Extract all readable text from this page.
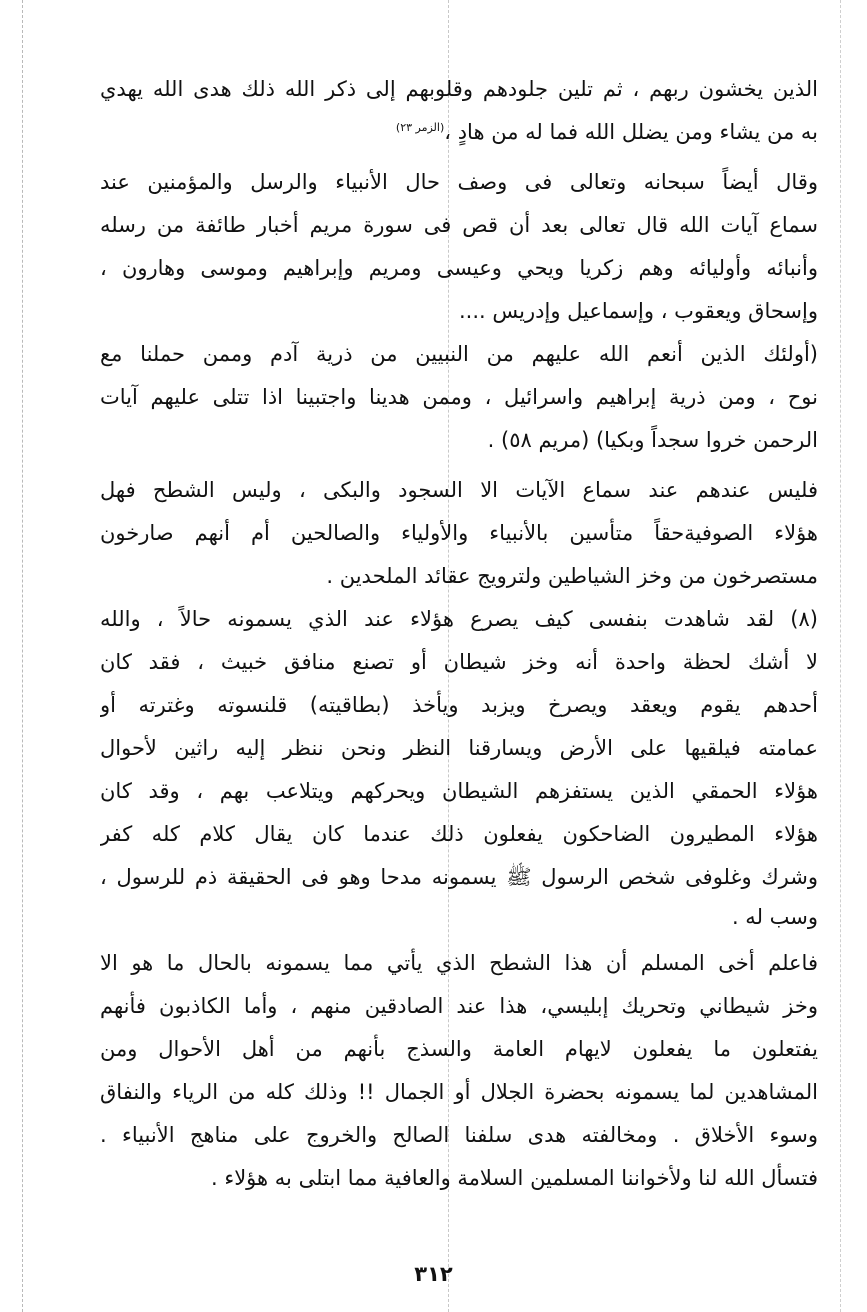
الذين يخشون ربهم ، ثم تلين جلودهم وقلوبهم إلى ذكر الله ذلك هدى الله يهدي
به من يشاء ومن يضلل الله فما له من هادٍ ،$^{(الزمر ٢٣)}$
وقال أيضاً سبحانه وتعالى فى وصف حال الأنبياء والرسل والمؤمنين عند
سماع آيات الله قال تعالى بعد أن قص فى سورة مريم أخبار طائفة من رسله
وأنبائه وأوليائه وهم زكريا ويحي وعيسى ومريم وإبراهيم وموسى وهارون ،
وإسحاق ويعقوب ، وإسماعيل وإدريس ....
(أولئك الذين أنعم الله عليهم من النبيين من ذرية آدم وممن حملنا مع
نوح ، ومن ذرية إبراهيم واسرائيل ، وممن هدينا واجتبينا اذا تتلى عليهم آيات
الرحمن خروا سجداً وبكيا) (مريم ٥٨) .
فليس عندهم عند سماع الآيات الا السجود والبكى ، وليس الشطح فهل
هؤلاء الصوفيةحقاً متأسين بالأنبياء والأولياء والصالحين أم أنهم صارخون
مستصرخون من وخز الشياطين ولترويج عقائد الملحدين .
(٨) لقد شاهدت بنفسى كيف يصرع هؤلاء عند الذي يسمونه حالاً ، والله
لا أشك لحظة واحدة أنه وخز شيطان أو تصنع منافق خبيث ، فقد كان
أحدهم يقوم ويعقد ويصرخ ويزبد ويأخذ (بطاقيته) قلنسوته وغترته أو
عمامته فيلقيها على الأرض ويسارقنا النظر ونحن ننظر إليه راثين لأحوال
هؤلاء الحمقي الذين يستفزهم الشيطان ويحركهم ويتلاعب بهم ، وقد كان
هؤلاء المطيرون الضاحكون يفعلون ذلك عندما كان يقال كلام كله كفر
وشرك وغلوفى شخص الرسول ﷺ يسمونه مدحا وهو فى الحقيقة ذم للرسول ،
وسب له .
فاعلم أخى المسلم أن هذا الشطح الذي يأتي مما يسمونه بالحال ما هو الا
وخز شيطاني وتحريك إبليسي، هذا عند الصادقين منهم ، وأما الكاذبون فأنهم
يفتعلون ما يفعلون لايهام العامة والسذج بأنهم من أهل الأحوال ومن
المشاهدين لما يسمونه بحضرة الجلال أو الجمال !! وذلك كله من الرياء والنفاق
وسوء الأخلاق . ومخالفته هدى سلفنا الصالح والخروج على مناهج الأنبياء .
فتسأل الله لنا ولأخواننا المسلمين السلامة والعافية مما ابتلى به هؤلاء .
٣١٢
